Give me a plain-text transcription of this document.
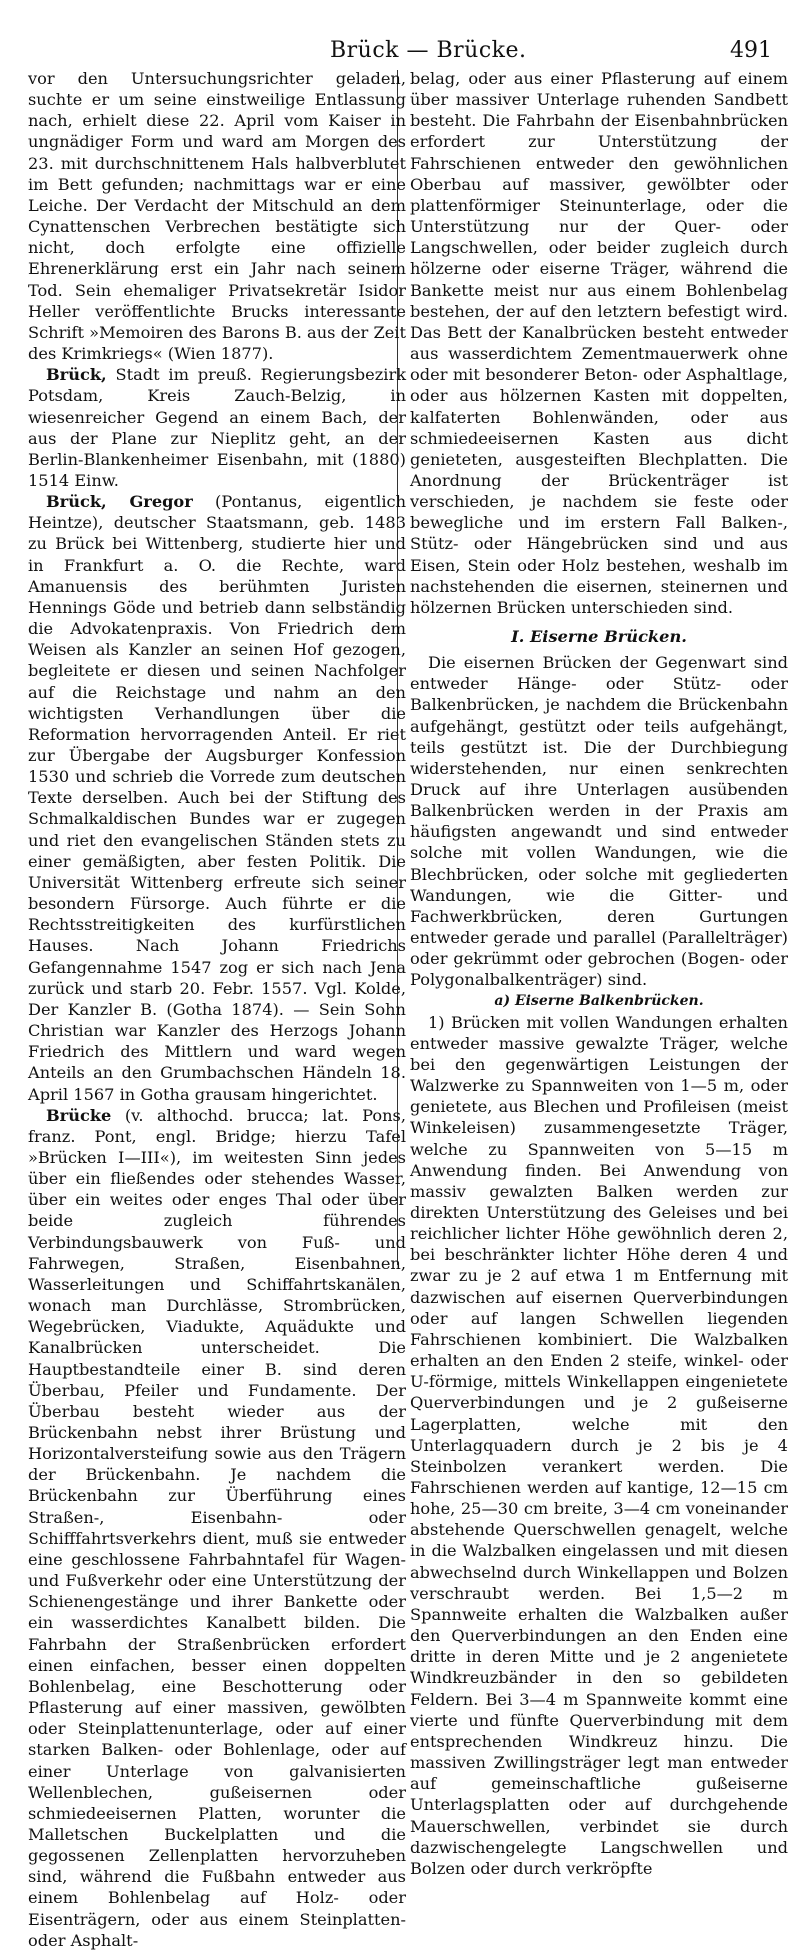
Brück — Brücke.	491

vor den Untersuchungsrichter geladen, suchte er um seine einstweilige Entlassung nach, erhielt diese 22. April vom Kaiser in ungnädiger Form und ward am Morgen des 23. mit durchschnittenem Hals halbverblutet im Bett gefunden; nachmittags war er eine Leiche. Der Verdacht der Mitschuld an dem Cynattenschen Verbrechen bestätigte sich nicht, doch erfolgte eine offizielle Ehrenerklärung erst ein Jahr nach seinem Tod. Sein ehemaliger Privatsekretär Isidor Heller veröffentlichte Brucks interessante Schrift »Memoiren des Barons B. aus der Zeit des Krimkriegs« (Wien 1877).

Brück, Stadt im preuß. Regierungsbezirk Potsdam, Kreis Zauch-Belzig, in wiesenreicher Gegend an einem Bach, der aus der Plane zur Nieplitz geht, an der Berlin-Blankenheimer Eisenbahn, mit (1880) 1514 Einw.

Brück, Gregor (Pontanus, eigentlich Heintze), deutscher Staatsmann, geb. 1483 zu Brück bei Wittenberg, studierte hier und in Frankfurt a. O. die Rechte, ward Amanuensis des berühmten Juristen Hennings Göde und betrieb dann selbständig die Advokatenpraxis. Von Friedrich dem Weisen als Kanzler an seinen Hof gezogen, begleitete er diesen und seinen Nachfolger auf die Reichstage und nahm an den wichtigsten Verhandlungen über die Reformation hervorragenden Anteil. Er riet zur Übergabe der Augsburger Konfession 1530 und schrieb die Vorrede zum deutschen Texte derselben. Auch bei der Stiftung des Schmalkaldischen Bundes war er zugegen und riet den evangelischen Ständen stets zu einer gemäßigten, aber festen Politik. Die Universität Wittenberg erfreute sich seiner besondern Fürsorge. Auch führte er die Rechtsstreitigkeiten des kurfürstlichen Hauses. Nach Johann Friedrichs Gefangennahme 1547 zog er sich nach Jena zurück und starb 20. Febr. 1557. Vgl. Kolde, Der Kanzler B. (Gotha 1874). — Sein Sohn Christian war Kanzler des Herzogs Johann Friedrich des Mittlern und ward wegen Anteils an den Grumbachschen Händeln 18. April 1567 in Gotha grausam hingerichtet.

Brücke (v. althochd. brucca; lat. Pons, franz. Pont, engl. Bridge; hierzu Tafel »Brücken I—III«), im weitesten Sinn jedes über ein fließendes oder stehendes Wasser, über ein weites oder enges Thal oder über beide zugleich führendes Verbindungsbauwerk von Fuß- und Fahrwegen, Straßen, Eisenbahnen, Wasserleitungen und Schiffahrtskanälen, wonach man Durchlässe, Strombrücken, Wegebrücken, Viadukte, Aquädukte und Kanalbrücken unterscheidet. Die Hauptbestandteile einer B. sind deren Überbau, Pfeiler und Fundamente. Der Überbau besteht wieder aus der Brückenbahn nebst ihrer Brüstung und Horizontalversteifung sowie aus den Trägern der Brückenbahn. Je nachdem die Brückenbahn zur Überführung eines Straßen-, Eisenbahn- oder Schifffahrtsverkehrs dient, muß sie entweder eine geschlossene Fahrbahntafel für Wagen- und Fußverkehr oder eine Unterstützung der Schienengestänge und ihrer Bankette oder ein wasserdichtes Kanalbett bilden. Die Fahrbahn der Straßenbrücken erfordert einen einfachen, besser einen doppelten Bohlenbelag, eine Beschotterung oder Pflasterung auf einer massiven, gewölbten oder Steinplattenunterlage, oder auf einer starken Balken- oder Bohlenlage, oder auf einer Unterlage von galvanisierten Wellenblechen, gußeisernen oder schmiedeeisernen Platten, worunter die Malletschen Buckelplatten und die gegossenen Zellenplatten hervorzuheben sind, während die Fußbahn entweder aus einem Bohlenbelag auf Holz- oder Eisenträgern, oder aus einem Steinplatten- oder Asphalt-

belag, oder aus einer Pflasterung auf einem über massiver Unterlage ruhenden Sandbett besteht. Die Fahrbahn der Eisenbahnbrücken erfordert zur Unterstützung der Fahrschienen entweder den gewöhnlichen Oberbau auf massiver, gewölbter oder plattenförmiger Steinunterlage, oder die Unterstützung nur der Quer- oder Langschwellen, oder beider zugleich durch hölzerne oder eiserne Träger, während die Bankette meist nur aus einem Bohlenbelag bestehen, der auf den letztern befestigt wird. Das Bett der Kanalbrücken besteht entweder aus wasserdichtem Zementmauerwerk ohne oder mit besonderer Beton- oder Asphaltlage, oder aus hölzernen Kasten mit doppelten, kalfaterten Bohlenwänden, oder aus schmiedeeisernen Kasten aus dicht genieteten, ausgesteiften Blechplatten. Die Anordnung der Brückenträger ist verschieden, je nachdem sie feste oder bewegliche und im erstern Fall Balken-, Stütz- oder Hängebrücken sind und aus Eisen, Stein oder Holz bestehen, weshalb im nachstehenden die eisernen, steinernen und hölzernen Brücken unterschieden sind.

I. Eiserne Brücken.

Die eisernen Brücken der Gegenwart sind entweder Hänge- oder Stütz- oder Balkenbrücken, je nachdem die Brückenbahn aufgehängt, gestützt oder teils aufgehängt, teils gestützt ist. Die der Durchbiegung widerstehenden, nur einen senkrechten Druck auf ihre Unterlagen ausübenden Balkenbrücken werden in der Praxis am häufigsten angewandt und sind entweder solche mit vollen Wandungen, wie die Blechbrücken, oder solche mit gegliederten Wandungen, wie die Gitter- und Fachwerkbrücken, deren Gurtungen entweder gerade und parallel (Parallelträger) oder gekrümmt oder gebrochen (Bogen- oder Polygonalbalkenträger) sind.

a) Eiserne Balkenbrücken.

1) Brücken mit vollen Wandungen erhalten entweder massive gewalzte Träger, welche bei den gegenwärtigen Leistungen der Walzwerke zu Spannweiten von 1—5 m, oder genietete, aus Blechen und Profileisen (meist Winkeleisen) zusammengesetzte Träger, welche zu Spannweiten von 5—15 m Anwendung finden. Bei Anwendung von massiv gewalzten Balken werden zur direkten Unterstützung des Geleises und bei reichlicher lichter Höhe gewöhnlich deren 2, bei beschränkter lichter Höhe deren 4 und zwar zu je 2 auf etwa 1 m Entfernung mit dazwischen auf eisernen Querverbindungen oder auf langen Schwellen liegenden Fahrschienen kombiniert. Die Walzbalken erhalten an den Enden 2 steife, winkel- oder U-förmige, mittels Winkellappen eingenietete Querverbindungen und je 2 gußeiserne Lagerplatten, welche mit den Unterlagquadern durch je 2 bis je 4 Steinbolzen verankert werden. Die Fahrschienen werden auf kantige, 12—15 cm hohe, 25—30 cm breite, 3—4 cm voneinander abstehende Querschwellen genagelt, welche in die Walzbalken eingelassen und mit diesen abwechselnd durch Winkellappen und Bolzen verschraubt werden. Bei 1,5—2 m Spannweite erhalten die Walzbalken außer den Querverbindungen an den Enden eine dritte in deren Mitte und je 2 angenietete Windkreuzbänder in den so gebildeten Feldern. Bei 3—4 m Spannweite kommt eine vierte und fünfte Querverbindung mit dem entsprechenden Windkreuz hinzu. Die massiven Zwillingsträger legt man entweder auf gemeinschaftliche gußeiserne Unterlagsplatten oder auf durchgehende Mauerschwellen, verbindet sie durch dazwischengelegte Langschwellen und Bolzen oder durch verkröpfte
